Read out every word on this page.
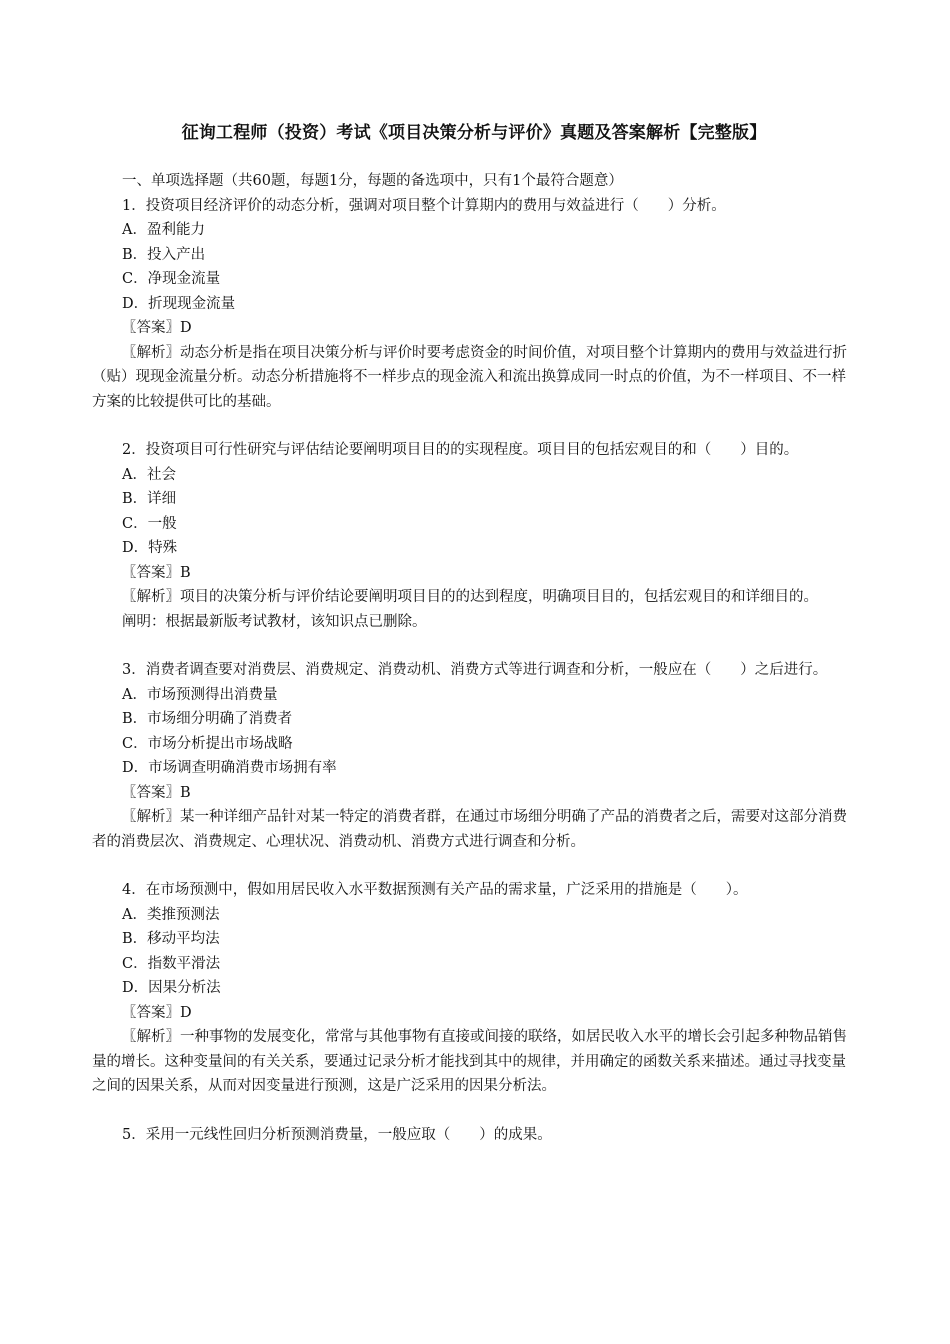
征询工程师（投资）考试《项目决策分析与评价》真题及答案解析【完整版】

一、单项选择题（共60题，每题1分，每题的备选项中，只有1个最符合题意）

1．投资项目经济评价的动态分析，强调对项目整个计算期内的费用与效益进行（　　）分析。

A．盈利能力

B．投入产出

C．净现金流量

D．折现现金流量

〖答案〗D

〖解析〗动态分析是指在项目决策分析与评价时要考虑资金的时间价值，对项目整个计算期内的费用与效益进行折（贴）现现金流量分析。动态分析措施将不一样步点的现金流入和流出换算成同一时点的价值，为不一样项目、不一样方案的比较提供可比的基础。

2．投资项目可行性研究与评估结论要阐明项目目的的实现程度。项目目的包括宏观目的和（　　）目的。

A．社会

B．详细

C．一般

D．特殊

〖答案〗B

〖解析〗项目的决策分析与评价结论要阐明项目目的的达到程度，明确项目目的，包括宏观目的和详细目的。

阐明：根据最新版考试教材，该知识点已删除。

3．消费者调查要对消费层、消费规定、消费动机、消费方式等进行调查和分析，一般应在（　　）之后进行。

A．市场预测得出消费量

B．市场细分明确了消费者

C．市场分析提出市场战略

D．市场调查明确消费市场拥有率

〖答案〗B

〖解析〗某一种详细产品针对某一特定的消费者群，在通过市场细分明确了产品的消费者之后，需要对这部分消费者的消费层次、消费规定、心理状况、消费动机、消费方式进行调查和分析。

4．在市场预测中，假如用居民收入水平数据预测有关产品的需求量，广泛采用的措施是（　　）。

A．类推预测法

B．移动平均法

C．指数平滑法

D．因果分析法

〖答案〗D

〖解析〗一种事物的发展变化，常常与其他事物有直接或间接的联络，如居民收入水平的增长会引起多种物品销售量的增长。这种变量间的有关关系，要通过记录分析才能找到其中的规律，并用确定的函数关系来描述。通过寻找变量之间的因果关系，从而对因变量进行预测，这是广泛采用的因果分析法。

5．采用一元线性回归分析预测消费量，一般应取（　　）的成果。
